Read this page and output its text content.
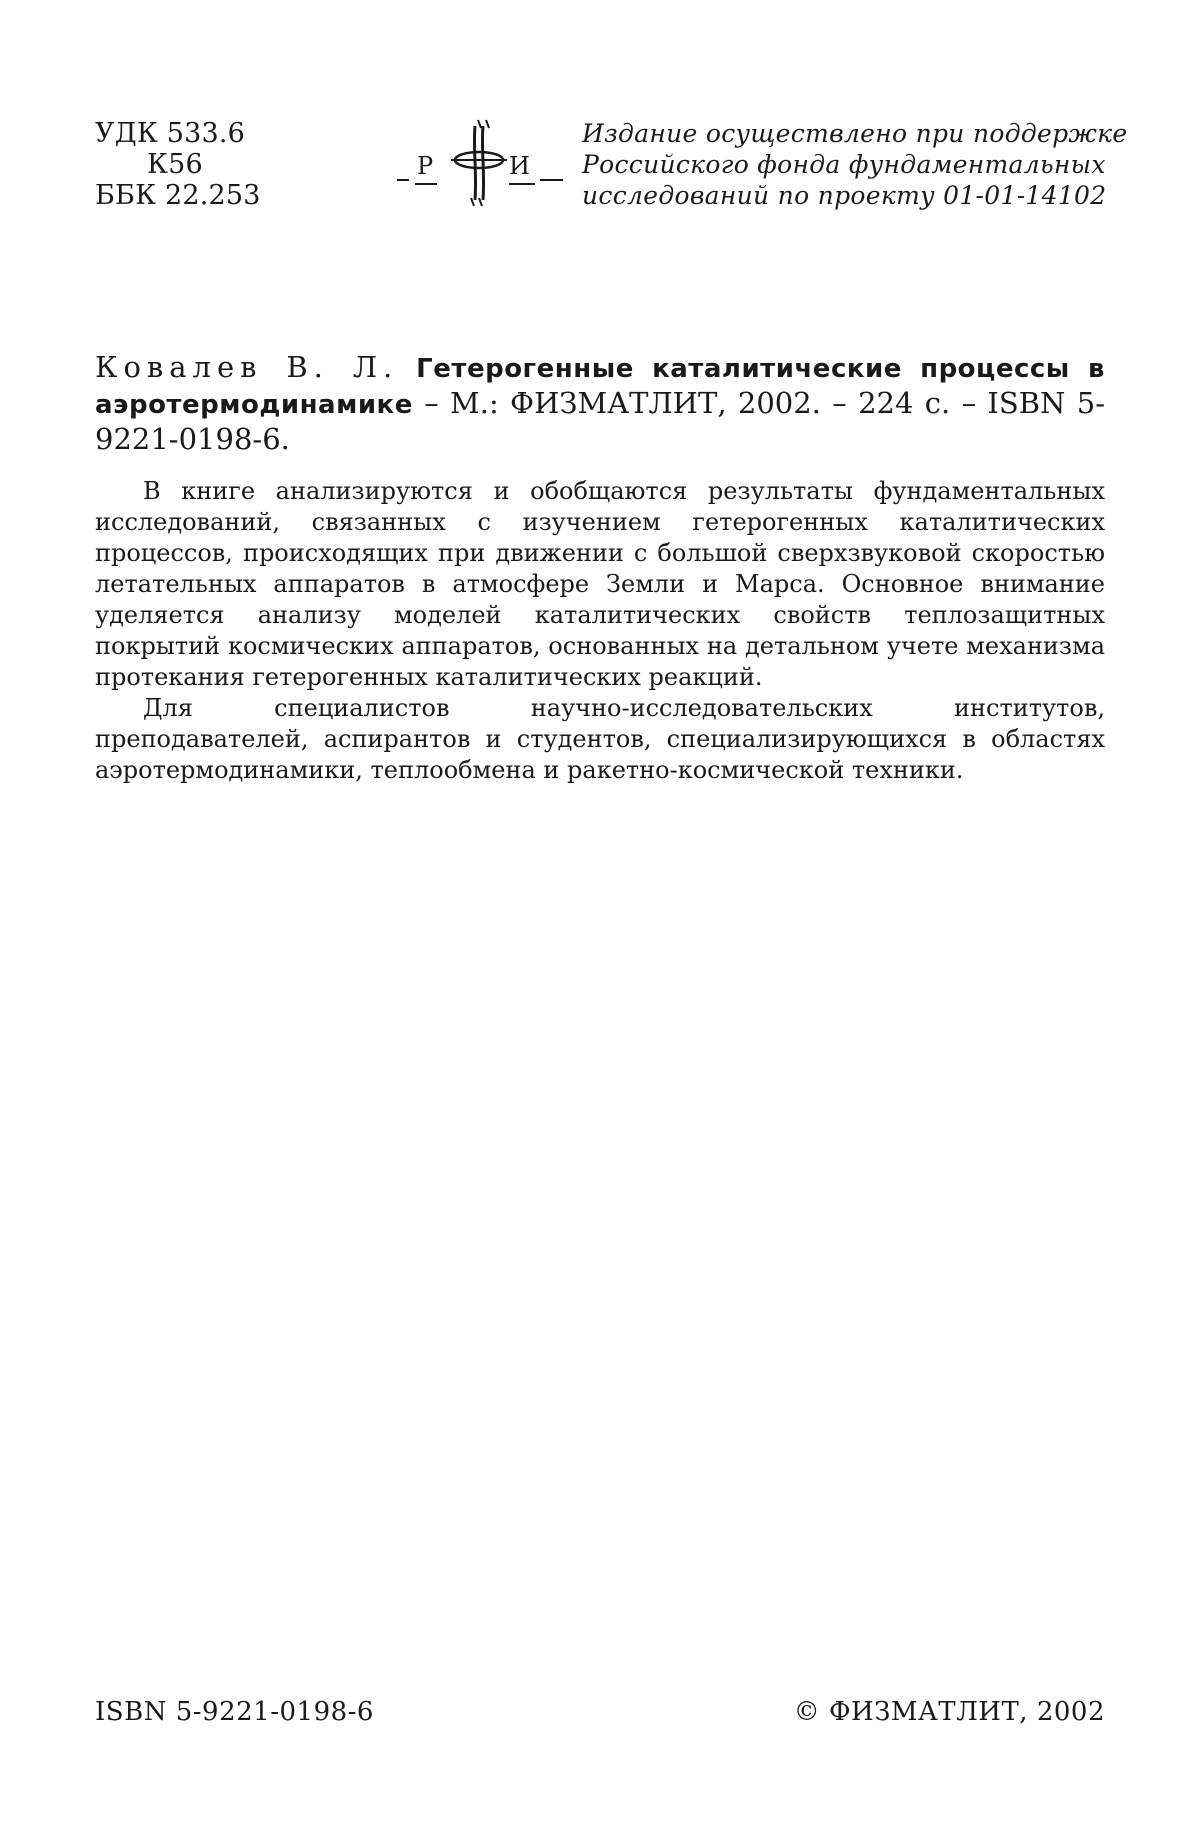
УДК 533.6
К56
ББК 22.253
Р	И
Издание осуществлено при поддержке
Российского фонда фундаментальных
исследований по проекту 01-01-14102
Ковалев В. Л. Гетерогенные каталитические процессы в аэротермодинамике – М.: ФИЗМАТЛИТ, 2002. – 224 с. – ISBN 5-9221-0198-6.

В книге анализируются и обобщаются результаты фундаментальных исследований, связанных с изучением гетерогенных каталитических процессов, происходящих при движении с большой сверхзвуковой скоростью летательных аппаратов в атмосфере Земли и Марса. Основное внимание уделяется анализу моделей каталитических свойств теплозащитных покрытий космических аппаратов, основанных на детальном учете механизма протекания гетерогенных каталитических реакций.

Для специалистов научно-исследовательских институтов, преподавателей, аспирантов и студентов, специализирующихся в областях аэротермодинамики, теплообмена и ракетно-космической техники.

ISBN 5-9221-0198-6	© ФИЗМАТЛИТ, 2002
